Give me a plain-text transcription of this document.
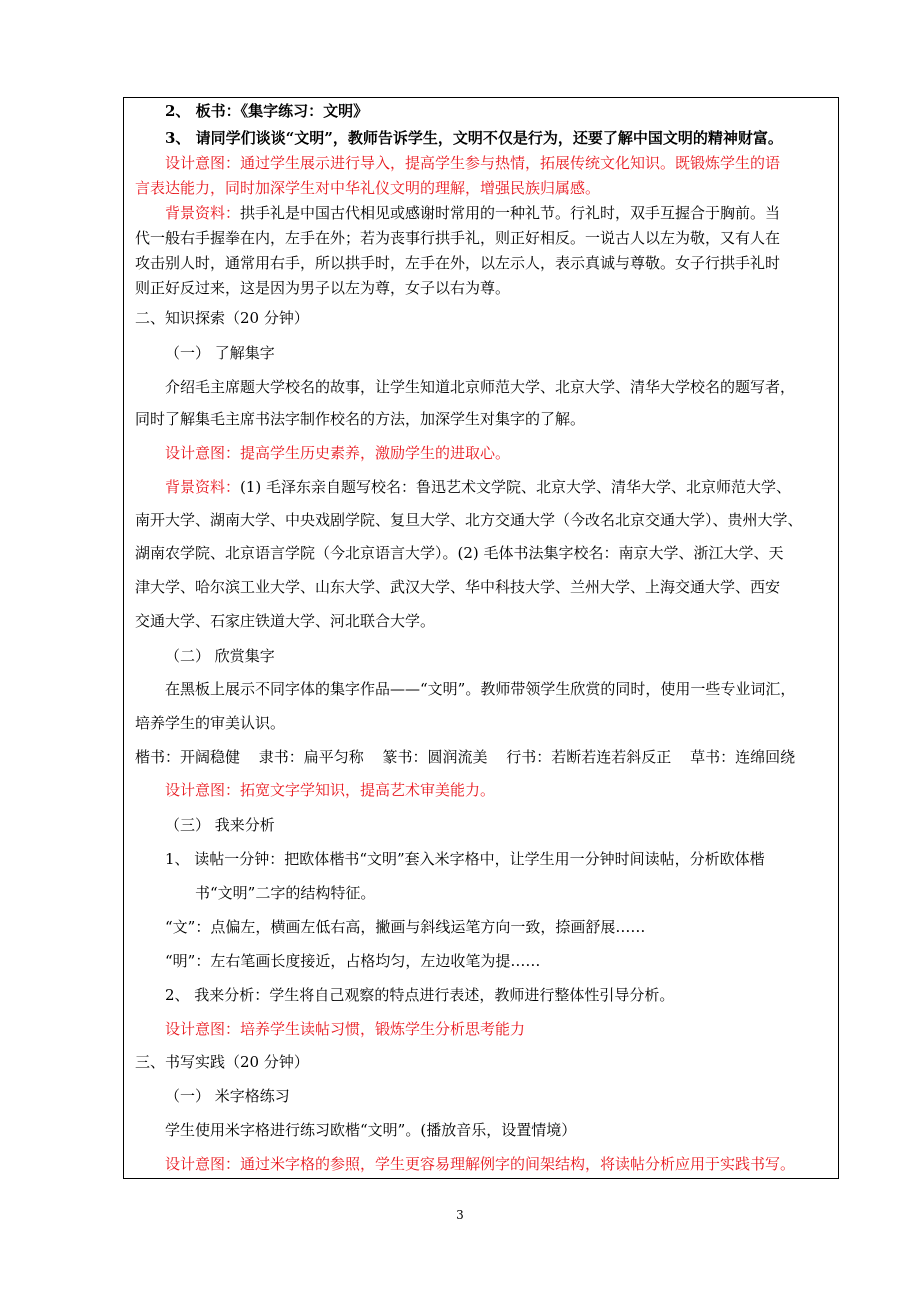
2、 板书：《集字练习：文明》
3、 请同学们谈谈“文明”，教师告诉学生，文明不仅是行为，还要了解中国文明的精神财富。
设计意图：通过学生展示进行导入，提高学生参与热情，拓展传统文化知识。既锻炼学生的语
言表达能力，同时加深学生对中华礼仪文明的理解，增强民族归属感。
背景资料：拱手礼是中国古代相见或感谢时常用的一种礼节。行礼时，双手互握合于胸前。当
代一般右手握拳在内，左手在外；若为丧事行拱手礼，则正好相反。一说古人以左为敬，又有人在
攻击别人时，通常用右手，所以拱手时，左手在外，以左示人，表示真诚与尊敬。女子行拱手礼时
则正好反过来，这是因为男子以左为尊，女子以右为尊。
二、知识探索（20 分钟）
（一） 了解集字
介绍毛主席题大学校名的故事，让学生知道北京师范大学、北京大学、清华大学校名的题写者，
同时了解集毛主席书法字制作校名的方法，加深学生对集字的了解。
设计意图：提高学生历史素养，激励学生的进取心。
背景资料：(1) 毛泽东亲自题写校名：鲁迅艺术文学院、北京大学、清华大学、北京师范大学、
南开大学、湖南大学、中央戏剧学院、复旦大学、北方交通大学（今改名北京交通大学）、贵州大学、
湖南农学院、北京语言学院（今北京语言大学）。(2) 毛体书法集字校名：南京大学、浙江大学、天
津大学、哈尔滨工业大学、山东大学、武汉大学、华中科技大学、兰州大学、上海交通大学、西安
交通大学、石家庄铁道大学、河北联合大学。
（二） 欣赏集字
在黑板上展示不同字体的集字作品——“文明”。教师带领学生欣赏的同时，使用一些专业词汇，
培养学生的审美认识。
楷书：开阔稳健 隶书：扁平匀称 篆书：圆润流美 行书：若断若连若斜反正 草书：连绵回绕
设计意图：拓宽文字学知识，提高艺术审美能力。
（三） 我来分析
1、 读帖一分钟：把欧体楷书“文明”套入米字格中，让学生用一分钟时间读帖，分析欧体楷
书“文明”二字的结构特征。
“文”：点偏左，横画左低右高，撇画与斜线运笔方向一致，捺画舒展……
“明”：左右笔画长度接近，占格均匀，左边收笔为提……
2、 我来分析：学生将自己观察的特点进行表述，教师进行整体性引导分析。
设计意图：培养学生读帖习惯，锻炼学生分析思考能力
三、书写实践（20 分钟）
（一） 米字格练习
学生使用米字格进行练习欧楷“文明”。(播放音乐，设置情境）
设计意图：通过米字格的参照，学生更容易理解例字的间架结构，将读帖分析应用于实践书写。
3
